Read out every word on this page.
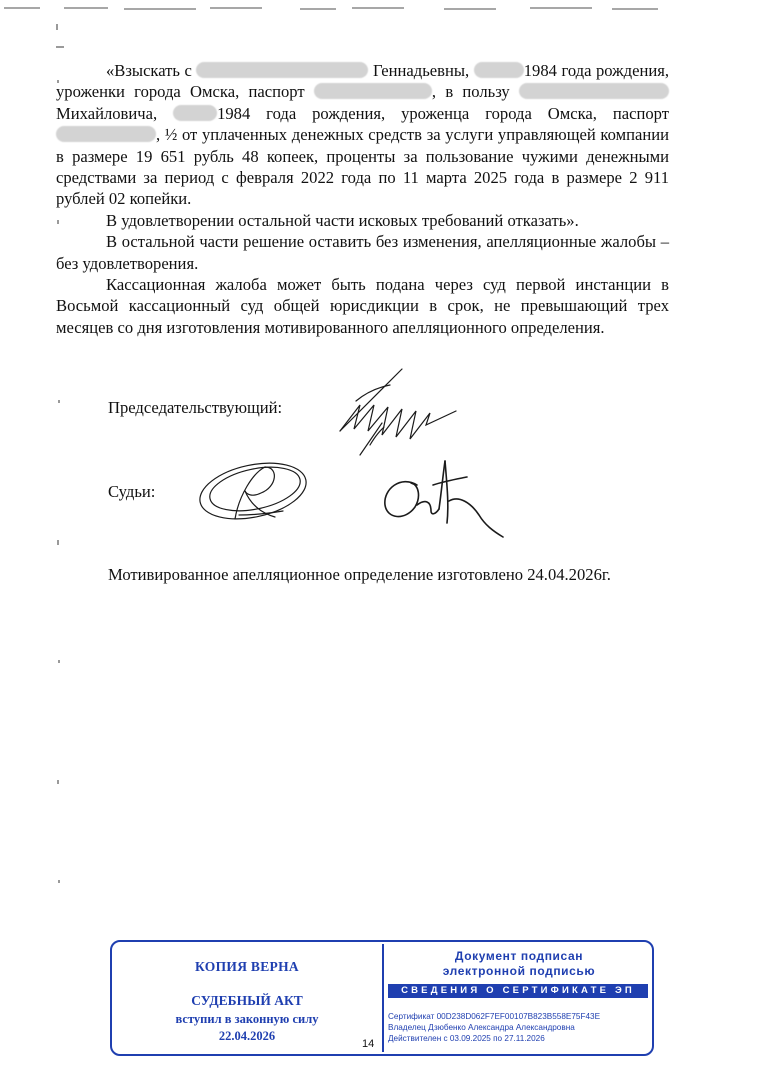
«Взыскать с	Геннадьевны,	1984 года рождения, уроженки города Омска, паспорт	, в пользу  Михайловича,	1984 года рождения, уроженца города Омска, паспорт , ½ от уплаченных денежных средств за услуги управляющей компании в размере 19 651 рубль 48 копеек, проценты за пользование чужими денежными средствами за период с февраля 2022 года по 11 марта 2025 года в размере 2 911 рублей 02 копейки.

В удовлетворении остальной части исковых требований отказать».

В остальной части решение оставить без изменения, апелляционные жалобы – без удовлетворения.

Кассационная жалоба может быть подана через суд первой инстанции в Восьмой кассационный суд общей юрисдикции в срок, не превышающий трех месяцев со дня изготовления мотивированного апелляционного определения.

Председательствующий:
Судьи:
Мотивированное апелляционное определение изготовлено 24.04.2026г.
КОПИЯ ВЕРНА
СУДЕБНЫЙ АКТ
вступил в законную силу
22.04.2026
14
Документ подписан
электронной подписью
СВЕДЕНИЯ О СЕРТИФИКАТЕ ЭП
Сертификат 00D238D062F7EF00107B823B558E75F43E
Владелец Дзюбенко Александра Александровна
Действителен с 03.09.2025 по 27.11.2026
